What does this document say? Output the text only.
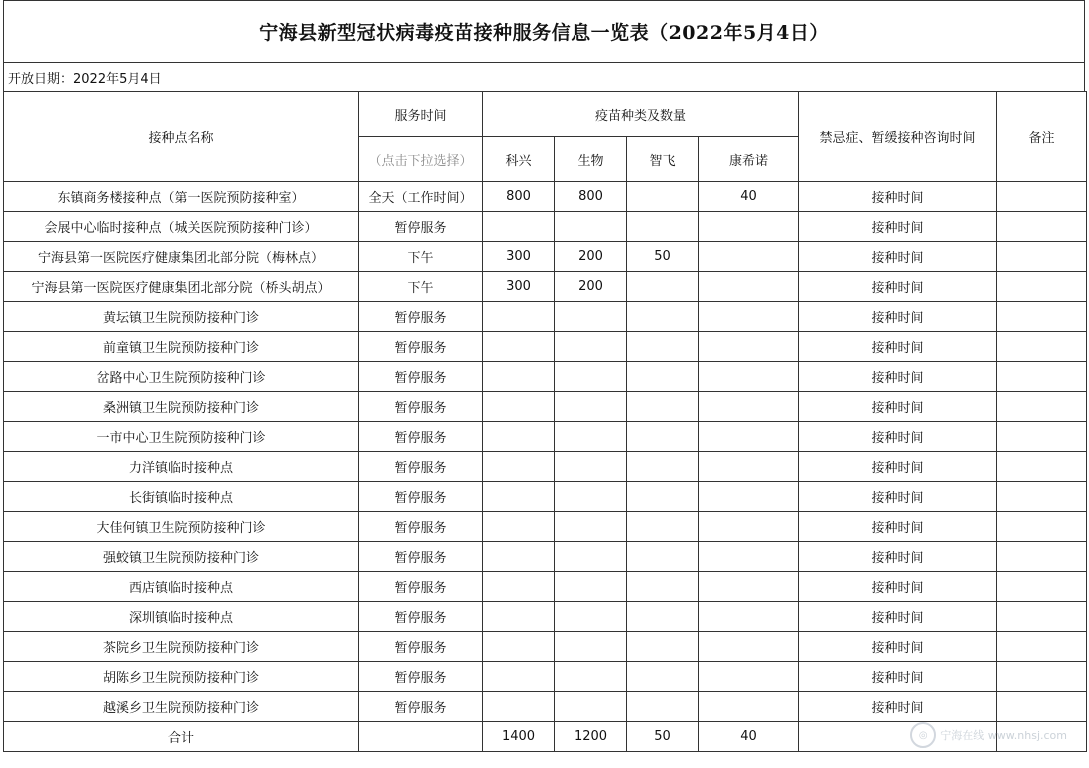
宁海县新型冠状病毒疫苗接种服务信息一览表（2022年5月4日）
开放日期：2022年5月4日
接种点名称	服务时间	疫苗种类及数量				禁忌症、暂缓接种咨询时间	备注
	（点击下拉选择）	科兴	生物	智飞	康希诺		
东镇商务楼接种点（第一医院预防接种室）	全天（工作时间）	800	800		40	接种时间	
会展中心临时接种点（城关医院预防接种门诊）	暂停服务					接种时间	
宁海县第一医院医疗健康集团北部分院（梅林点）	下午	300	200	50		接种时间	
宁海县第一医院医疗健康集团北部分院（桥头胡点）	下午	300	200			接种时间	
黄坛镇卫生院预防接种门诊	暂停服务					接种时间	
前童镇卫生院预防接种门诊	暂停服务					接种时间	
岔路中心卫生院预防接种门诊	暂停服务					接种时间	
桑洲镇卫生院预防接种门诊	暂停服务					接种时间	
一市中心卫生院预防接种门诊	暂停服务					接种时间	
力洋镇临时接种点	暂停服务					接种时间	
长街镇临时接种点	暂停服务					接种时间	
大佳何镇卫生院预防接种门诊	暂停服务					接种时间	
强蛟镇卫生院预防接种门诊	暂停服务					接种时间	
西店镇临时接种点	暂停服务					接种时间	
深圳镇临时接种点	暂停服务					接种时间	
茶院乡卫生院预防接种门诊	暂停服务					接种时间	
胡陈乡卫生院预防接种门诊	暂停服务					接种时间	
越溪乡卫生院预防接种门诊	暂停服务					接种时间	
合计		1400	1200	50	40			◎	宁海在线 www.nhsj.com
